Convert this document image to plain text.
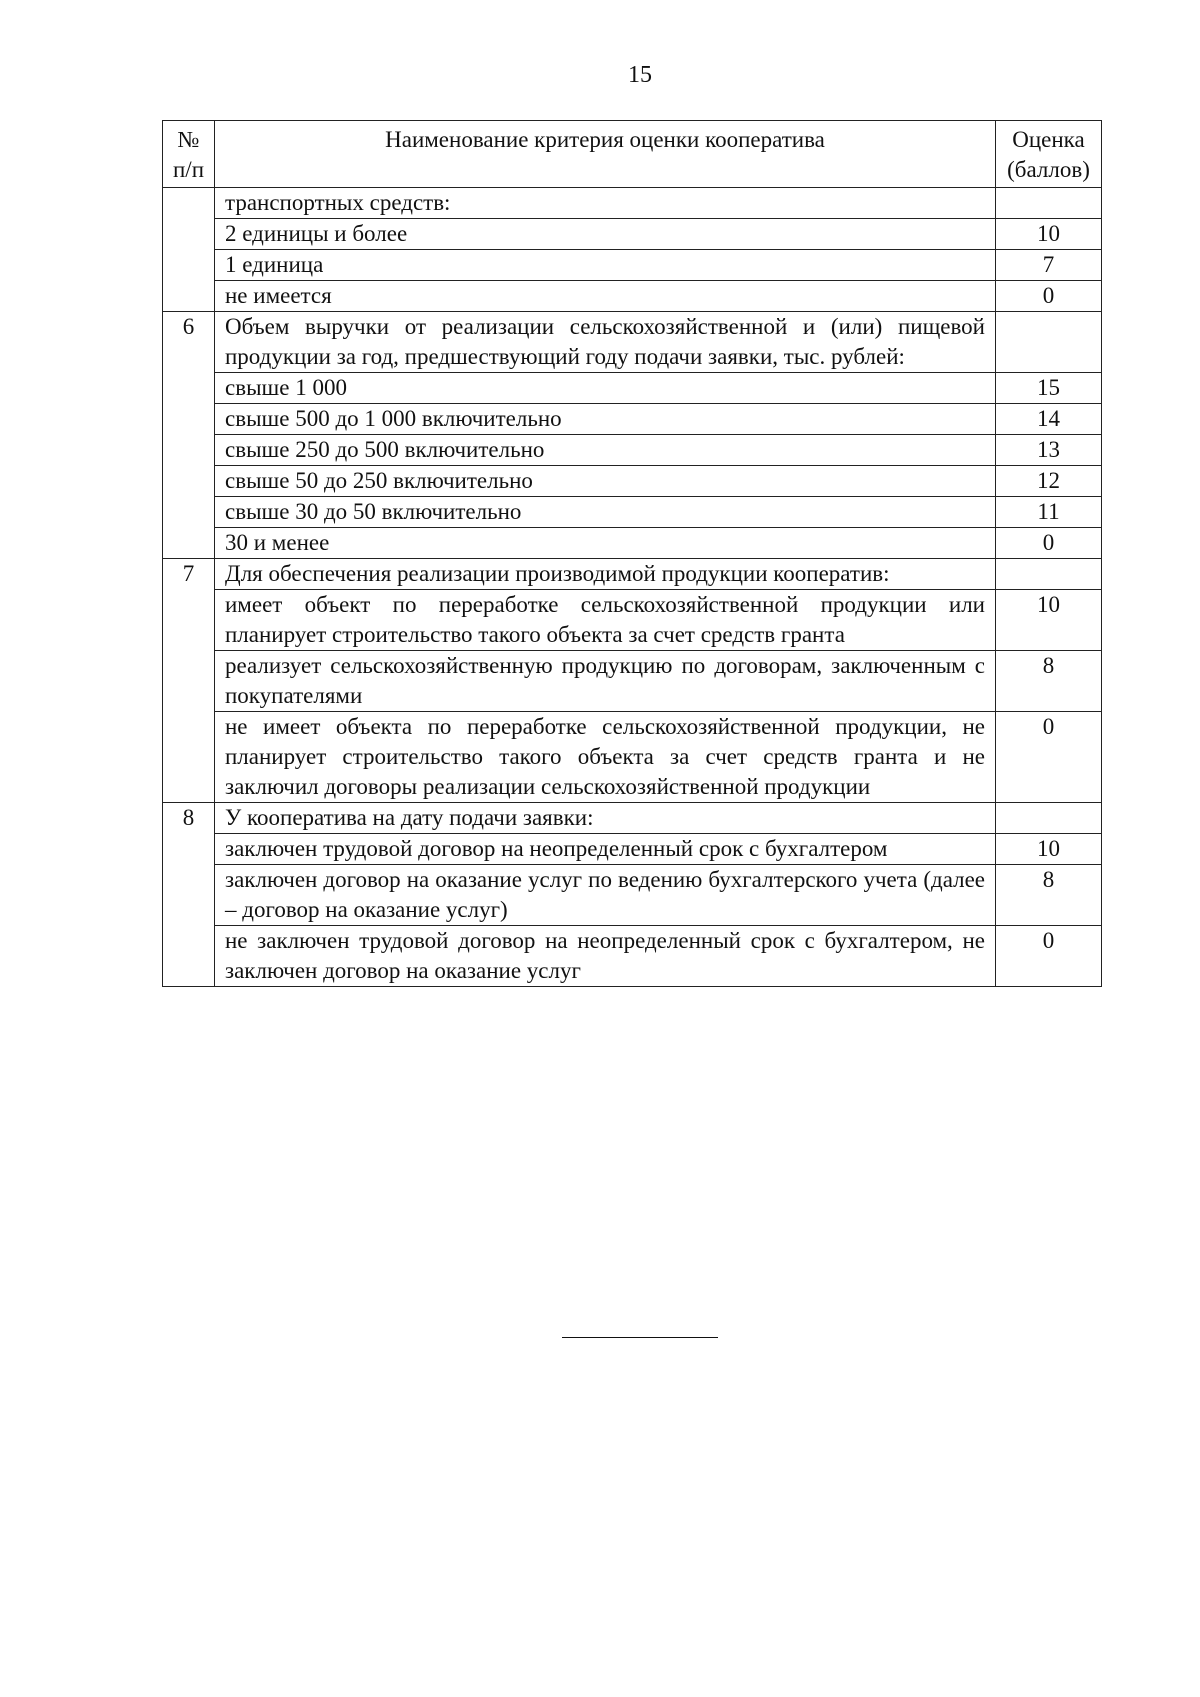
15
№ п/п	Наименование критерия оценки кооператива	Оценка (баллов)
	транспортных средств:	
	2 единицы и более	10
	1 единица	7
	не имеется	0
6	Объем выручки от реализации сельскохозяйственной и (или) пищевой продукции за год, предшествующий году подачи заявки, тыс. рублей:	
	свыше 1 000	15
	свыше 500 до 1 000 включительно	14
	свыше 250 до 500 включительно	13
	свыше 50 до 250 включительно	12
	свыше 30 до 50 включительно	11
	30 и менее	0
7	Для обеспечения реализации производимой продукции кооператив:	
	имеет объект по переработке сельскохозяйственной продукции или планирует строительство такого объекта за счет средств гранта	10
	реализует сельскохозяйственную продукцию по договорам, заключенным с покупателями	8
	не имеет объекта по переработке сельскохозяйственной продукции, не планирует строительство такого объекта за счет средств гранта и не заключил договоры реализации сельскохозяйственной продукции	0
8	У кооператива на дату подачи заявки:	
	заключен трудовой договор на неопределенный срок с бухгалтером	10
	заключен договор на оказание услуг по ведению бухгалтерского учета (далее – договор на оказание услуг)	8
	не заключен трудовой договор на неопределенный срок с бухгалтером, не заключен договор на оказание услуг	0
